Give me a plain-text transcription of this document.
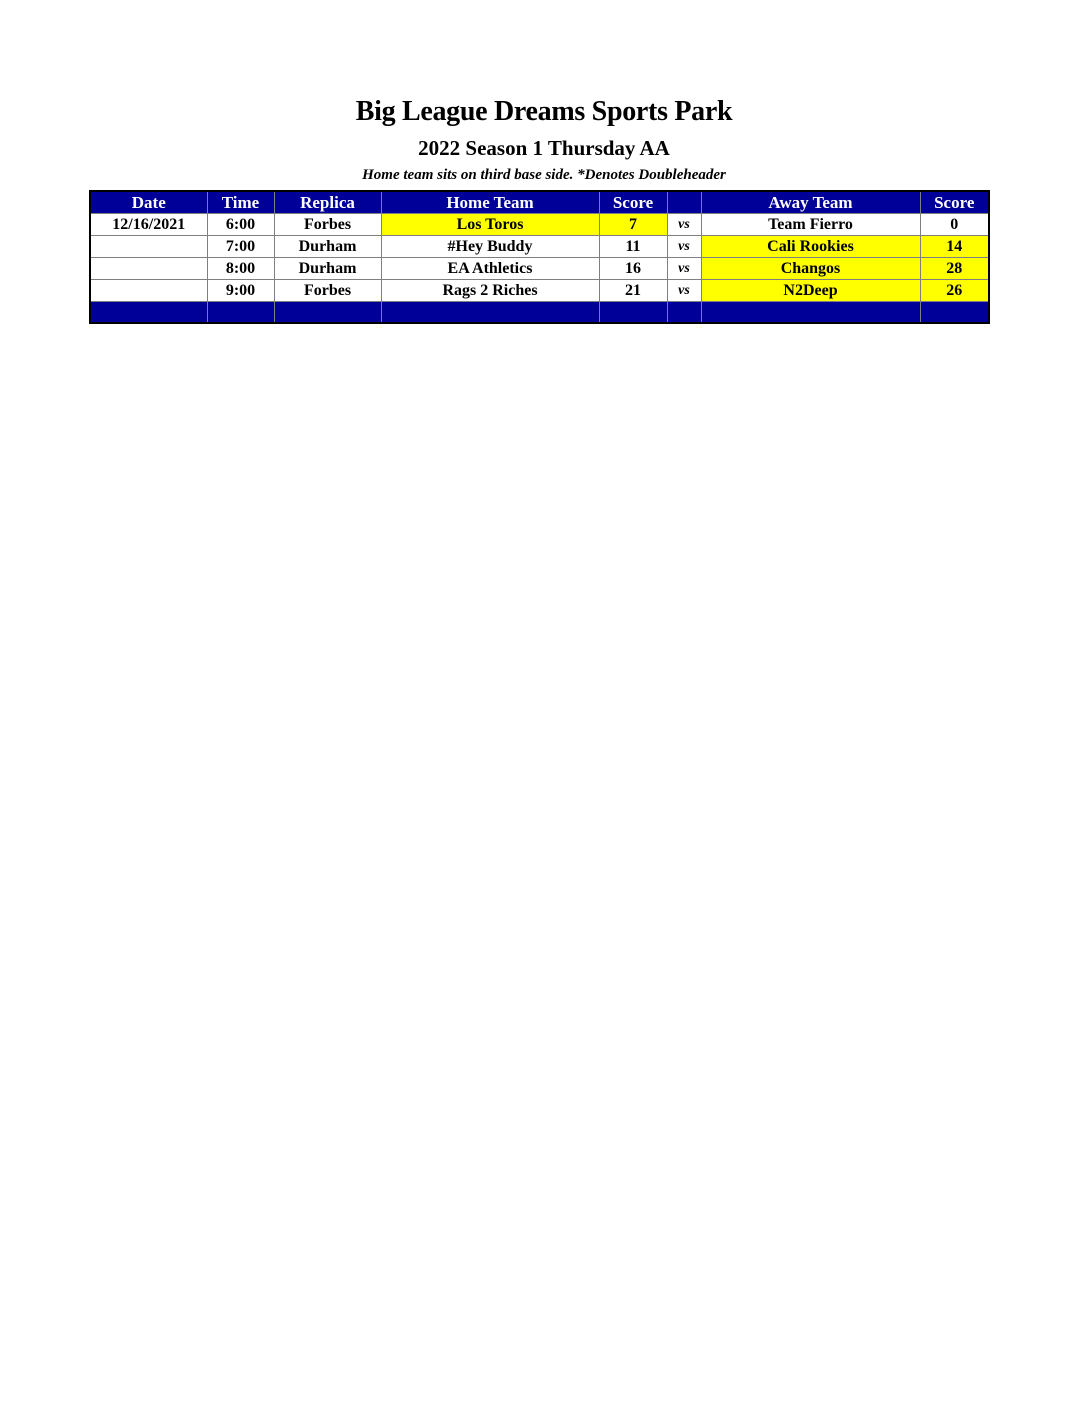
Big League Dreams Sports Park
2022 Season 1 Thursday AA
Home team sits on third base side. *Denotes Doubleheader
Date	Time	Replica	Home Team	Score		Away Team	Score
12/16/2021	6:00	Forbes	Los Toros	7	vs	Team Fierro	0
	7:00	Durham	#Hey Buddy	11	vs	Cali Rookies	14
	8:00	Durham	EA Athletics	16	vs	Changos	28
	9:00	Forbes	Rags 2 Riches	21	vs	N2Deep	26
